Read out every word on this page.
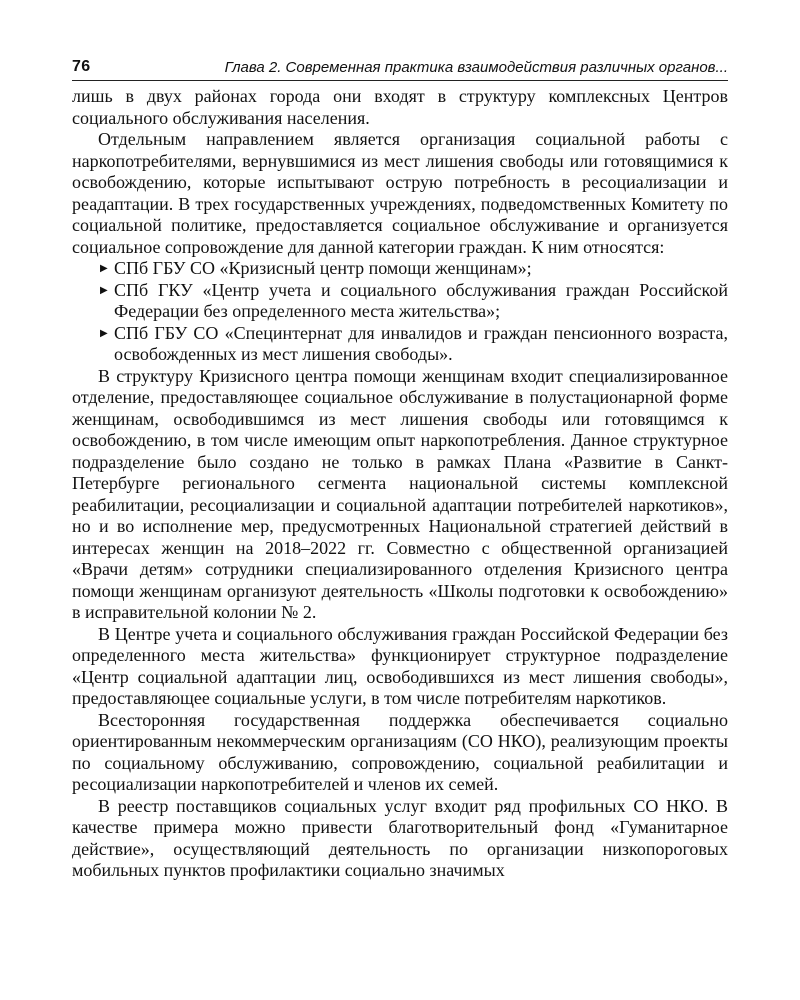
76	Глава 2. Современная практика взаимодействия различных органов...

лишь в двух районах города они входят в структуру комплексных Центров социального обслуживания населения.

Отдельным направлением является организация социальной работы с наркопотребителями, вернувшимися из мест лишения свободы или готовящимися к освобождению, которые испытывают острую потребность в ресоциализации и реадаптации. В трех государственных учреждениях, подведомственных Комитету по социальной политике, предоставляется социальное обслуживание и организуется социальное сопровождение для данной категории граждан. К ним относятся:

▶ СПб ГБУ СО «Кризисный центр помощи женщинам»;
▶ СПб ГКУ «Центр учета и социального обслуживания граждан Российской Федерации без определенного места жительства»;
▶ СПб ГБУ СО «Специнтернат для инвалидов и граждан пенсионного возраста, освобожденных из мест лишения свободы».

В структуру Кризисного центра помощи женщинам входит специализированное отделение, предоставляющее социальное обслуживание в полустационарной форме женщинам, освободившимся из мест лишения свободы или готовящимся к освобождению, в том числе имеющим опыт наркопотребления. Данное структурное подразделение было создано не только в рамках Плана «Развитие в Санкт-Петербурге регионального сегмента национальной системы комплексной реабилитации, ресоциализации и социальной адаптации потребителей наркотиков», но и во исполнение мер, предусмотренных Национальной стратегией действий в интересах женщин на 2018–2022 гг. Совместно с общественной организацией «Врачи детям» сотрудники специализированного отделения Кризисного центра помощи женщинам организуют деятельность «Школы подготовки к освобождению» в исправительной колонии № 2.

В Центре учета и социального обслуживания граждан Российской Федерации без определенного места жительства» функционирует структурное подразделение «Центр социальной адаптации лиц, освободившихся из мест лишения свободы», предоставляющее социальные услуги, в том числе потребителям наркотиков.

Всесторонняя государственная поддержка обеспечивается социально ориентированным некоммерческим организациям (СО НКО), реализующим проекты по социальному обслуживанию, сопровождению, социальной реабилитации и ресоциализации наркопотребителей и членов их семей.

В реестр поставщиков социальных услуг входит ряд профильных СО НКО. В качестве примера можно привести благотворительный фонд «Гуманитарное действие», осуществляющий деятельность по организации низкопороговых мобильных пунктов профилактики социально значимых
